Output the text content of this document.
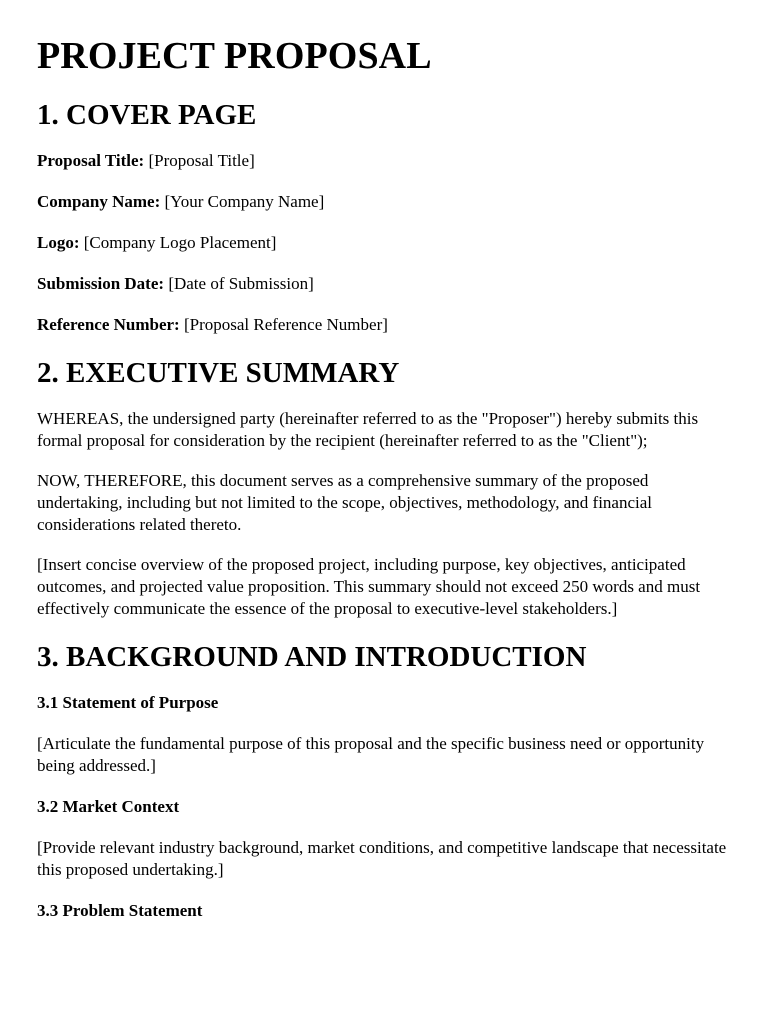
PROJECT PROPOSAL
1. COVER PAGE

Proposal Title: [Proposal Title]

Company Name: [Your Company Name]

Logo: [Company Logo Placement]

Submission Date: [Date of Submission]

Reference Number: [Proposal Reference Number]

2. EXECUTIVE SUMMARY

WHEREAS, the undersigned party (hereinafter referred to as the "Proposer") hereby submits this formal proposal for consideration by the recipient (hereinafter referred to as the "Client");

NOW, THEREFORE, this document serves as a comprehensive summary of the proposed undertaking, including but not limited to the scope, objectives, methodology, and financial considerations related thereto.

[Insert concise overview of the proposed project, including purpose, key objectives, anticipated outcomes, and projected value proposition. This summary should not exceed 250 words and must effectively communicate the essence of the proposal to executive-level stakeholders.]

3. BACKGROUND AND INTRODUCTION
3.1 Statement of Purpose

[Articulate the fundamental purpose of this proposal and the specific business need or opportunity being addressed.]

3.2 Market Context

[Provide relevant industry background, market conditions, and competitive landscape that necessitate this proposed undertaking.]

3.3 Problem Statement
